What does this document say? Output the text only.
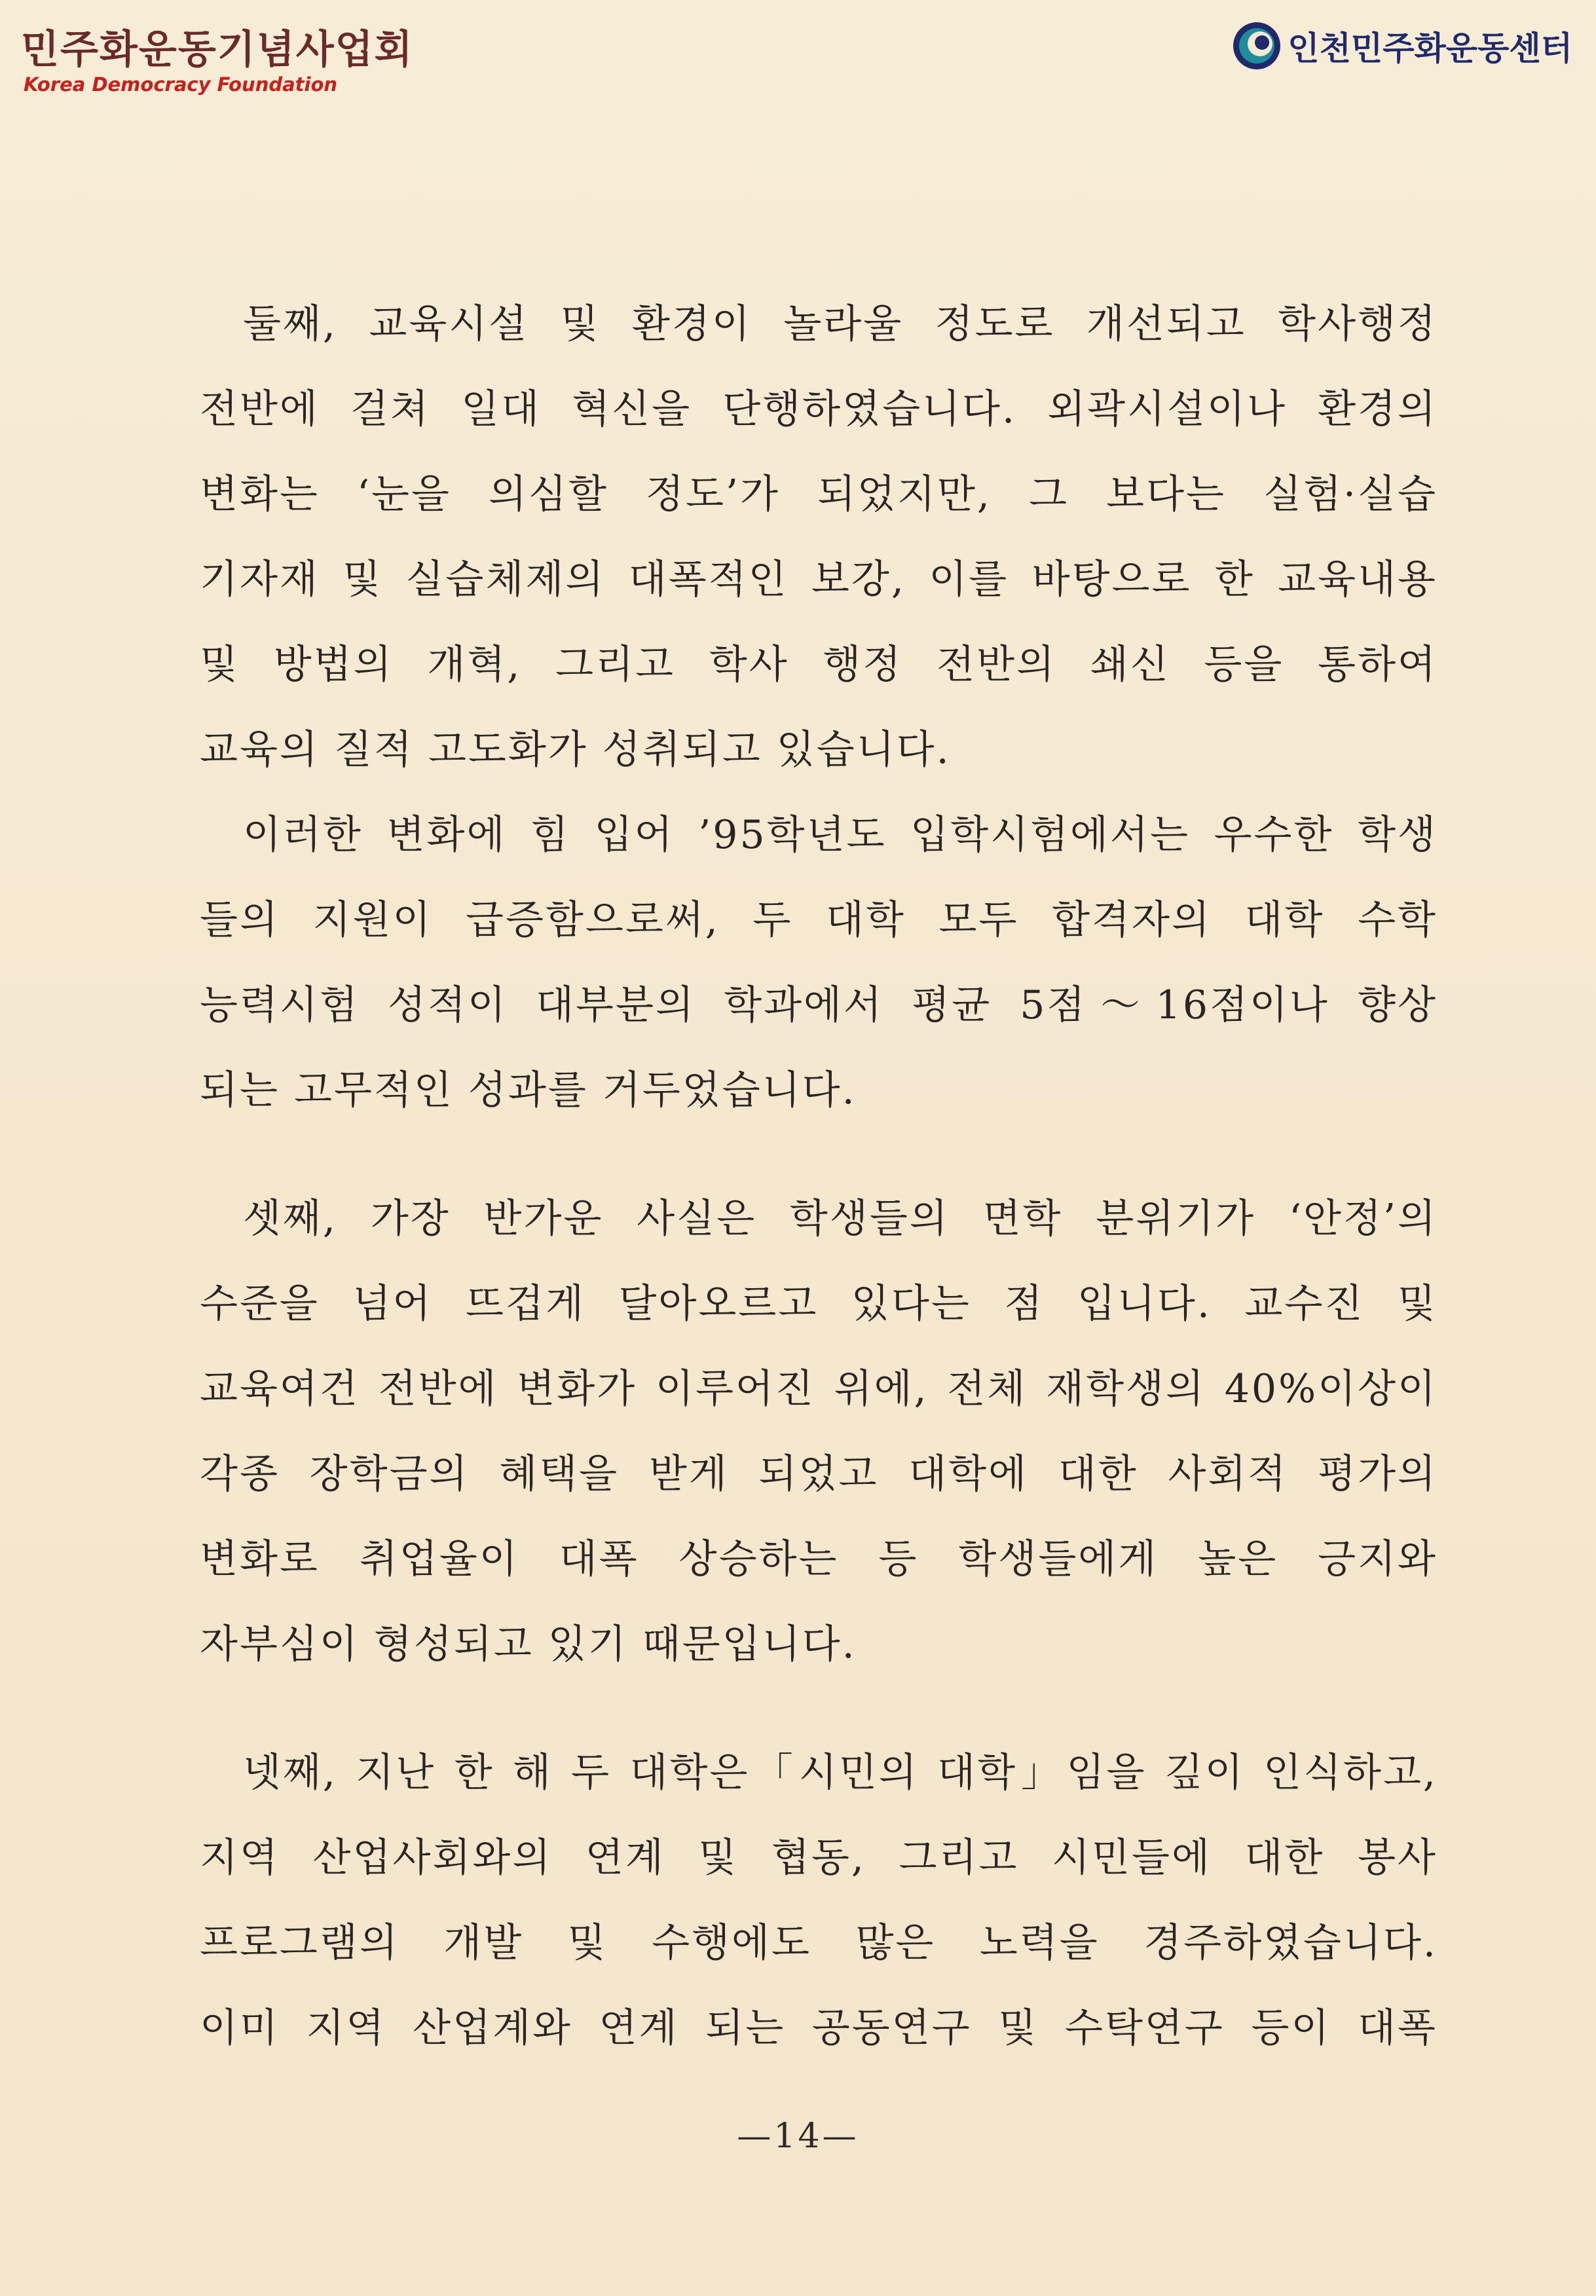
민주화운동기념사업회
Korea Democracy Foundation
인천민주화운동센터
둘째, 교육시설 및 환경이 놀라울 정도로 개선되고 학사행정
전반에 걸쳐 일대 혁신을 단행하였습니다. 외곽시설이나 환경의
변화는 ‘눈을 의심할 정도’가 되었지만, 그 보다는 실험·실습
기자재 및 실습체제의 대폭적인 보강, 이를 바탕으로 한 교육내용
및 방법의 개혁, 그리고 학사 행정 전반의 쇄신 등을 통하여
교육의 질적 고도화가 성취되고 있습니다.
이러한 변화에 힘 입어 ’95학년도 입학시험에서는 우수한 학생
들의 지원이 급증함으로써, 두 대학 모두 합격자의 대학 수학
능력시험 성적이 대부분의 학과에서 평균 5점～16점이나 향상
되는 고무적인 성과를 거두었습니다.
셋째, 가장 반가운 사실은 학생들의 면학 분위기가 ‘안정’의
수준을 넘어 뜨겁게 달아오르고 있다는 점 입니다. 교수진 및
교육여건 전반에 변화가 이루어진 위에, 전체 재학생의 40%이상이
각종 장학금의 혜택을 받게 되었고 대학에 대한 사회적 평가의
변화로 취업율이 대폭 상승하는 등 학생들에게 높은 긍지와
자부심이 형성되고 있기 때문입니다.
넷째, 지난 한 해 두 대학은「시민의 대학」임을 깊이 인식하고,
지역 산업사회와의 연계 및 협동, 그리고 시민들에 대한 봉사
프로그램의 개발 및 수행에도 많은 노력을 경주하였습니다.
이미 지역 산업계와 연계 되는 공동연구 및 수탁연구 등이 대폭
—14—
